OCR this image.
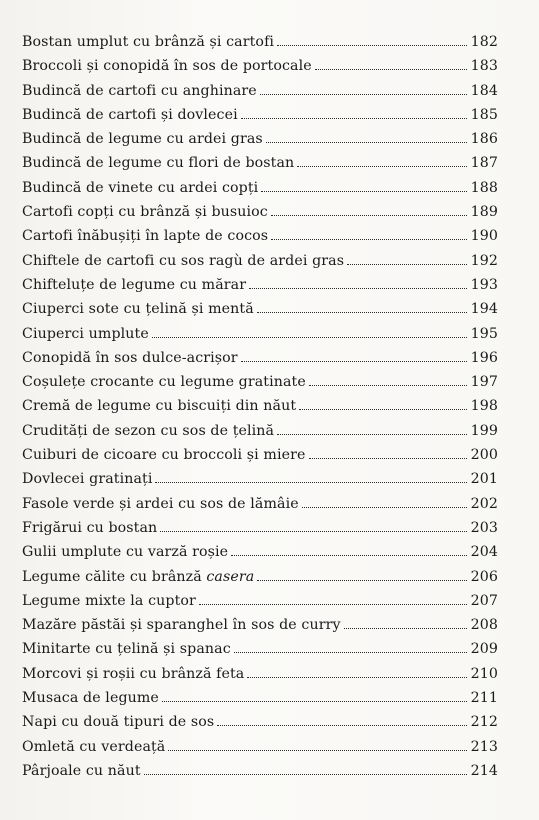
Bostan umplut cu brânză și cartofi	182
Broccoli și conopidă în sos de portocale	183
Budincă de cartofi cu anghinare	184
Budincă de cartofi și dovlecei	185
Budincă de legume cu ardei gras	186
Budincă de legume cu flori de bostan	187
Budincă de vinete cu ardei copți	188
Cartofi copți cu brânză și busuioc	189
Cartofi înăbușiți în lapte de cocos	190
Chiftele de cartofi cu sos ragù de ardei gras	192
Chifteluțe de legume cu mărar	193
Ciuperci sote cu țelină și mentă	194
Ciuperci umplute	195
Conopidă în sos dulce-acrișor	196
Coșulețe crocante cu legume gratinate	197
Cremă de legume cu biscuiți din năut	198
Crudități de sezon cu sos de țelină	199
Cuiburi de cicoare cu broccoli și miere	200
Dovlecei gratinați	201
Fasole verde și ardei cu sos de lămâie	202
Frigărui cu bostan	203
Gulii umplute cu varză roșie	204
Legume călite cu brânză casera	206
Legume mixte la cuptor	207
Mazăre păstăi și sparanghel în sos de curry	208
Minitarte cu țelină și spanac	209
Morcovi și roșii cu brânză feta	210
Musaca de legume	211
Napi cu două tipuri de sos	212
Omletă cu verdeață	213
Pârjoale cu năut	214
